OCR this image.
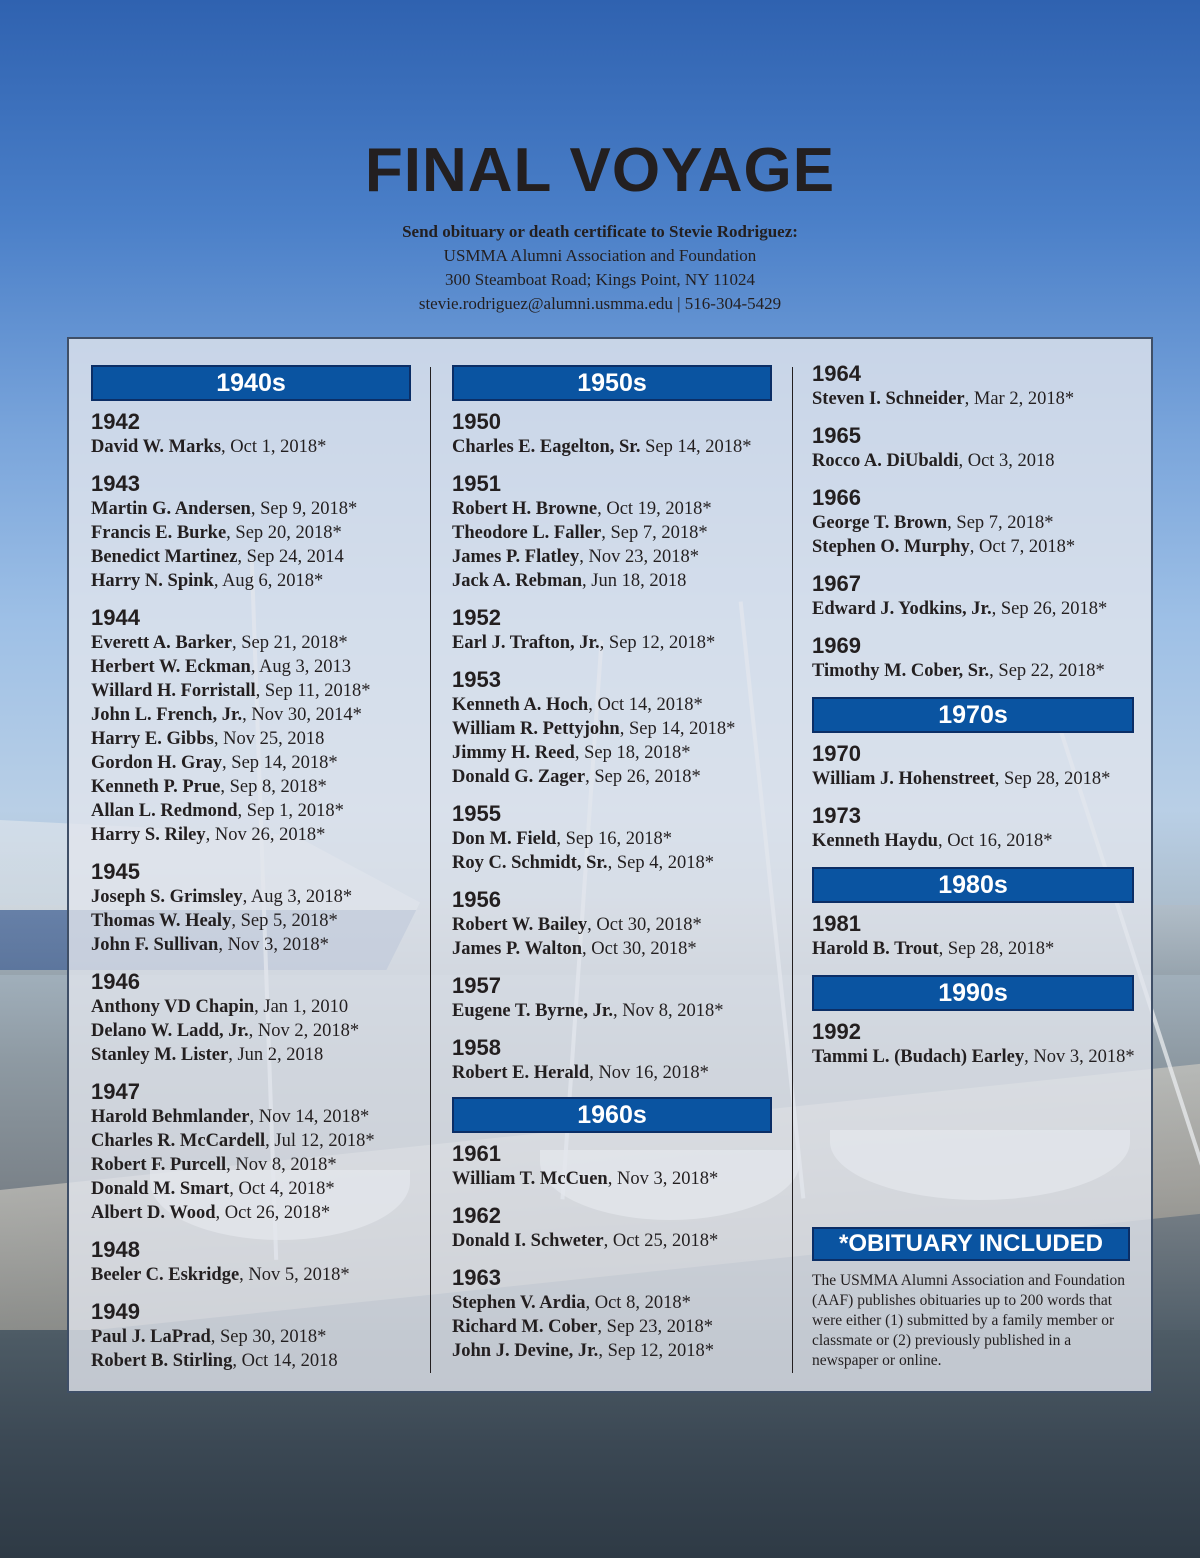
FINAL VOYAGE
Send obituary or death certificate to Stevie Rodriguez:
USMMA Alumni Association and Foundation
300 Steamboat Road; Kings Point, NY 11024
stevie.rodriguez@alumni.usmma.edu | 516-304-5429
1940s
1942
David W. Marks, Oct 1, 2018*
1943
Martin G. Andersen, Sep 9, 2018*
Francis E. Burke, Sep 20, 2018*
Benedict Martinez, Sep 24, 2014
Harry N. Spink, Aug 6, 2018*
1944
Everett A. Barker, Sep 21, 2018*
Herbert W. Eckman, Aug 3, 2013
Willard H. Forristall, Sep 11, 2018*
John L. French, Jr., Nov 30, 2014*
Harry E. Gibbs, Nov 25, 2018
Gordon H. Gray, Sep 14, 2018*
Kenneth P. Prue, Sep 8, 2018*
Allan L. Redmond, Sep 1, 2018*
Harry S. Riley, Nov 26, 2018*
1945
Joseph S. Grimsley, Aug 3, 2018*
Thomas W. Healy, Sep 5, 2018*
John F. Sullivan, Nov 3, 2018*
1946
Anthony VD Chapin, Jan 1, 2010
Delano W. Ladd, Jr., Nov 2, 2018*
Stanley M. Lister, Jun 2, 2018
1947
Harold Behmlander, Nov 14, 2018*
Charles R. McCardell, Jul 12, 2018*
Robert F. Purcell, Nov 8, 2018*
Donald M. Smart, Oct 4, 2018*
Albert D. Wood, Oct 26, 2018*
1948
Beeler C. Eskridge, Nov 5, 2018*
1949
Paul J. LaPrad, Sep 30, 2018*
Robert B. Stirling, Oct 14, 2018
1950s
1950
Charles E. Eagelton, Sr. Sep 14, 2018*
1951
Robert H. Browne, Oct 19, 2018*
Theodore L. Faller, Sep 7, 2018*
James P. Flatley, Nov 23, 2018*
Jack A. Rebman, Jun 18, 2018
1952
Earl J. Trafton, Jr., Sep 12, 2018*
1953
Kenneth A. Hoch, Oct 14, 2018*
William R. Pettyjohn, Sep 14, 2018*
Jimmy H. Reed, Sep 18, 2018*
Donald G. Zager, Sep 26, 2018*
1955
Don M. Field, Sep 16, 2018*
Roy C. Schmidt, Sr., Sep 4, 2018*
1956
Robert W. Bailey, Oct 30, 2018*
James P. Walton, Oct 30, 2018*
1957
Eugene T. Byrne, Jr., Nov 8, 2018*
1958
Robert E. Herald, Nov 16, 2018*
1960s
1961
William T. McCuen, Nov 3, 2018*
1962
Donald I. Schweter, Oct 25, 2018*
1963
Stephen V. Ardia, Oct 8, 2018*
Richard M. Cober, Sep 23, 2018*
John J. Devine, Jr., Sep 12, 2018*
1964
Steven I. Schneider, Mar 2, 2018*
1965
Rocco A. DiUbaldi, Oct 3, 2018
1966
George T. Brown, Sep 7, 2018*
Stephen O. Murphy, Oct 7, 2018*
1967
Edward J. Yodkins, Jr., Sep 26, 2018*
1969
Timothy M. Cober, Sr., Sep 22, 2018*
1970s
1970
William J. Hohenstreet, Sep 28, 2018*
1973
Kenneth Haydu, Oct 16, 2018*
1980s
1981
Harold B. Trout, Sep 28, 2018*
1990s
1992
Tammi L. (Budach) Earley, Nov 3, 2018*
*OBITUARY INCLUDED
The USMMA Alumni Association and Foundation (AAF) publishes obituaries up to 200 words that were either (1) submitted by a family member or classmate or (2) previously published in a newspaper or online.
